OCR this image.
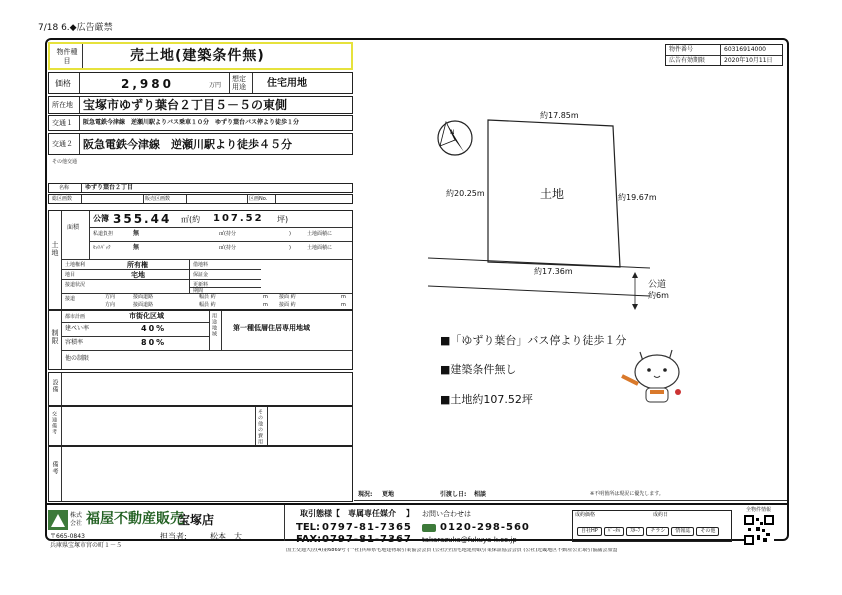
7/18 6.◆広告厳禁
物件種目	売土地(建築条件無)	物件番号	60316914000
広告有効期限	2020年10月11日
価格	2,980	万円
想定用途	住宅用地
所在地 宝塚市ゆずり葉台２丁目５－５の東側
交通１ 阪急電鉄今津線　逆瀬川駅よりバス乗車１０分　ゆずり葉台バス停より徒歩１分
交通２ 阪急電鉄今津線　逆瀬川駅より徒歩４５分
その他交通
名称	ゆずり葉台２丁目
総区画数	販売区画数	区画No.
土地
面積
公簿 355.44 ㎡(約 107.52 坪)
私道負担	無	㎡(持分	)	土地面積に
ｾｯﾄﾊﾞｯｸ	無	㎡(持分	)	土地面積に
土地権利	所有権	借地料
地目	宅地	保証金
接道状況	更新料
期間
接道	方向	接面道路	幅員 約	m 接面 約	m
方向	接面道路	幅員 約	m 接面 約	m
制限
都市計画	市街化区域
建ぺい率	40%
容積率	80%
他の制限
用途地域 第一種低層住居専用地域
設備
交通備考	その他の費用
備考
N
約17.85m
約20.25m	約19.67m
約17.36m
土地
公道
約6m
■「ゆずり葉台」バス停より徒歩１分
■建築条件無し
■土地約107.52坪
現況: 更地	引渡し日: 相談	※不明箇所は現況に優先します。
株式会社 福屋不動産販売
宝塚店
〒665-0843
兵庫県宝塚市宮の町１－５
担当者:	松本　大
取引態様【 専属専任媒介 】 お問い合わせは
TEL: 0797-81-7365	0120-298-560
FAX: 0797-81-7367 takarazuka@fukuya-k.co.jp
国土交通大臣(4)第6869号 (一社)兵庫県宅地建物取引業協会会員 (公社)全国宅地建物取引業保証協会会員 (公社)近畿地区不動産公正取引協議会加盟
成約価格	成約日
自社HP ﾊﾟｰﾀﾙ ｽﾀｰﾌ チラシ 情報誌 その他
全物件情報
